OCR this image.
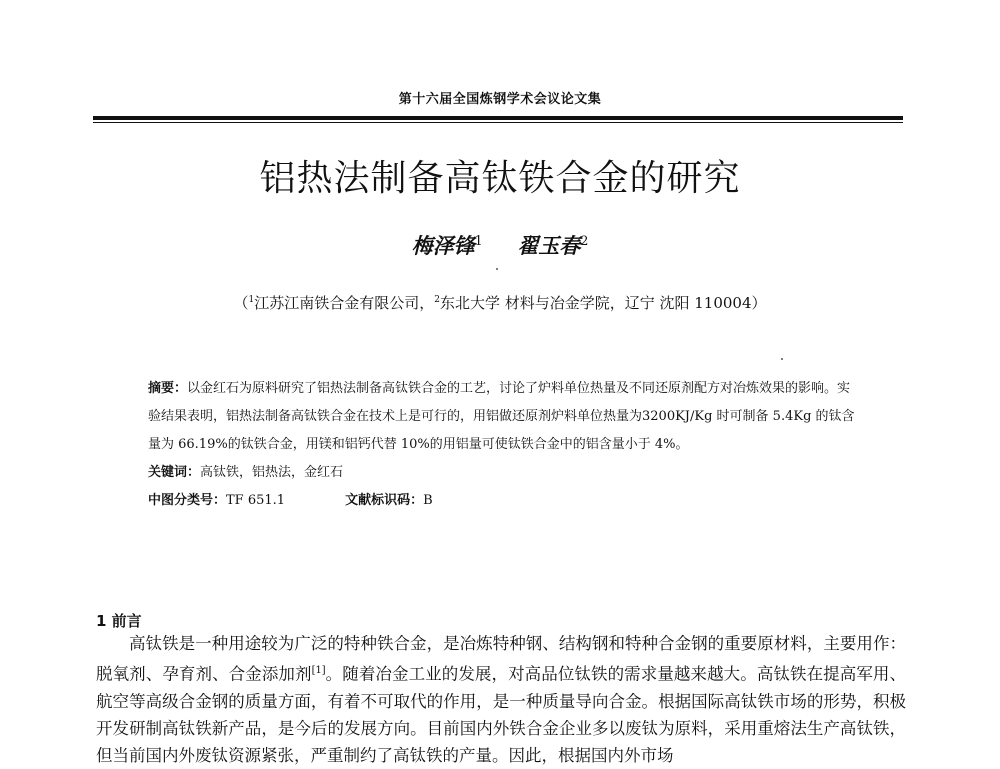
第十六届全国炼钢学术会议论文集
铝热法制备高钛铁合金的研究
梅泽锋$^1$ 翟玉春$^2$
（$^1$江苏江南铁合金有限公司，$^2$东北大学 材料与冶金学院，辽宁 沈阳 110004）

摘要：以金红石为原料研究了铝热法制备高钛铁合金的工艺，讨论了炉料单位热量及不同还原剂配方对冶炼效果的影响。实验结果表明，铝热法制备高钛铁合金在技术上是可行的，用铝做还原剂炉料单位热量为3200KJ/Kg 时可制备 5.4Kg 的钛含量为 66.19%的钛铁合金，用镁和铝钙代替 10%的用铝量可使钛铁合金中的铝含量小于 4%。

关键词：高钛铁，铝热法，金红石

中图分类号：TF 651.1	文献标识码：B

1 前言

高钛铁是一种用途较为广泛的特种铁合金，是冶炼特种钢、结构钢和特种合金钢的重要原材料，主要用作：脱氧剂、孕育剂、合金添加剂[1]。随着冶金工业的发展，对高品位钛铁的需求量越来越大。高钛铁在提高军用、航空等高级合金钢的质量方面，有着不可取代的作用，是一种质量导向合金。根据国际高钛铁市场的形势，积极开发研制高钛铁新产品，是今后的发展方向。目前国内外铁合金企业多以废钛为原料，采用重熔法生产高钛铁，但当前国内外废钛资源紧张，严重制约了高钛铁的产量。因此，根据国内外市场
